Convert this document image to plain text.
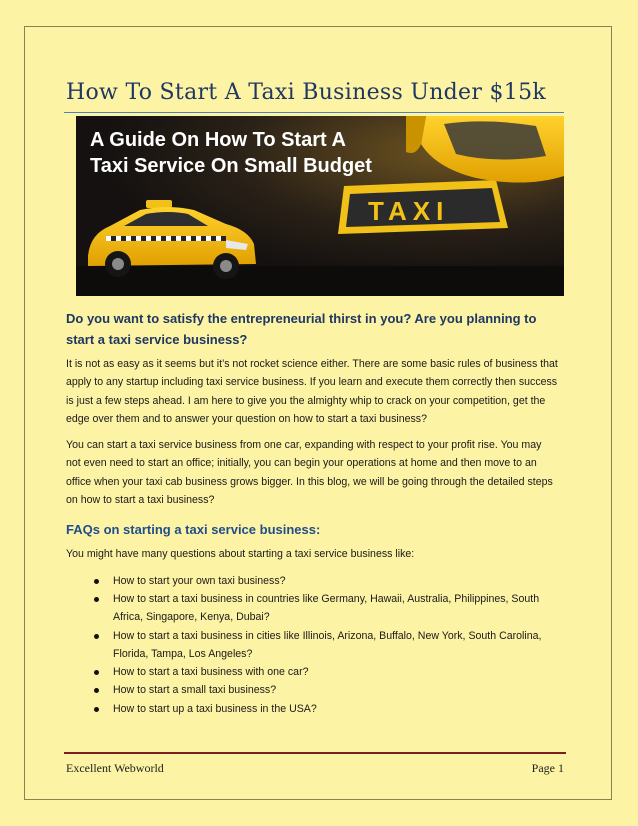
How To Start A Taxi Business Under $15k
TAXI
A Guide On How To Start A
Taxi Service On Small Budget

Do you want to satisfy the entrepreneurial thirst in you? Are you planning to start a taxi service business?

It is not as easy as it seems but it’s not rocket science either. There are some basic rules of business that apply to any startup including taxi service business. If you learn and execute them correctly then success is just a few steps ahead. I am here to give you the almighty whip to crack on your competition, get the edge over them and to answer your question on how to start a taxi business?

You can start a taxi service business from one car, expanding with respect to your profit rise. You may not even need to start an office; initially, you can begin your operations at home and then move to an office when your taxi cab business grows bigger. In this blog, we will be going through the detailed steps on how to start a taxi business?

FAQs on starting a taxi service business:

You might have many questions about starting a taxi service business like:

How to start your own taxi business?
How to start a taxi business in countries like Germany, Hawaii, Australia, Philippines, South Africa, Singapore, Kenya, Dubai?
How to start a taxi business in cities like Illinois, Arizona, Buffalo, New York, South Carolina, Florida, Tampa, Los Angeles?
How to start a taxi business with one car?
How to start a small taxi business?
How to start up a taxi business in the USA?
Excellent Webworld	Page 1
